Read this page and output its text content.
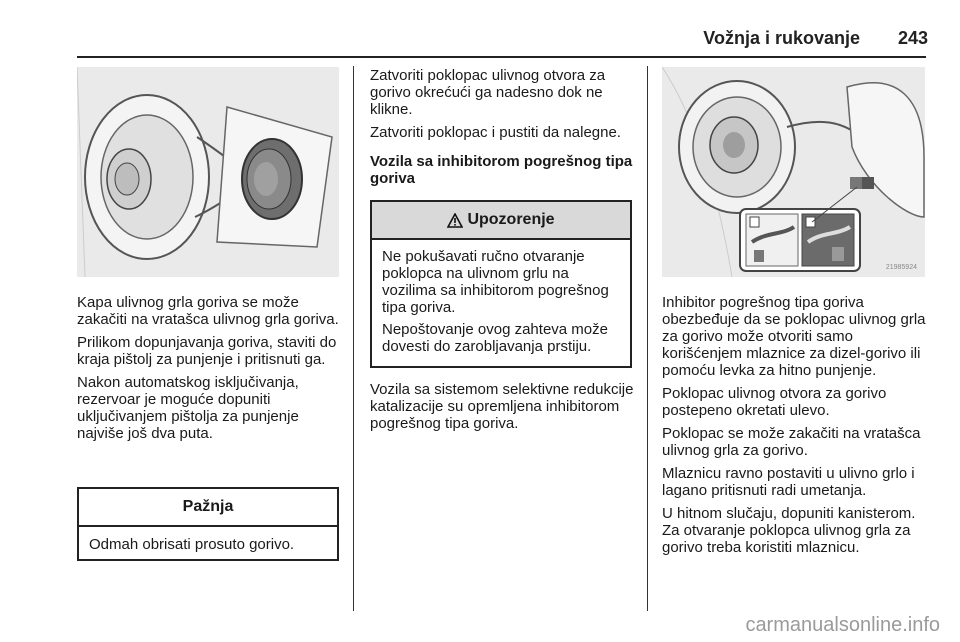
Vožnja i rukovanje	243

Kapa ulivnog grla goriva se može zakačiti na vratašca ulivnog grla goriva.

Prilikom dopunjavanja goriva, staviti do kraja pištolj za punjenje i pritisnuti ga.

Nakon automatskog isključivanja, rezervoar je moguće dopuniti uključivanjem pištolja za punjenje najviše još dva puta.

Pažnja
Odmah obrisati prosuto gorivo.

Zatvoriti poklopac ulivnog otvora za gorivo okrećući ga nadesno dok ne klikne.

Zatvoriti poklopac i pustiti da nalegne.

Vozila sa inhibitorom pogrešnog tipa goriva

Upozorenje

Ne pokušavati ručno otvaranje poklopca na ulivnom grlu na vozilima sa inhibitorom pogrešnog tipa goriva.

Nepoštovanje ovog zahteva može dovesti do zarobljavanja prstiju.

Vozila sa sistemom selektivne redukcije katalizacije su opremljena inhibitorom pogrešnog tipa goriva.

21985924

Inhibitor pogrešnog tipa goriva obezbeđuje da se poklopac ulivnog grla za gorivo može otvoriti samo korišćenjem mlaznice za dizel-gorivo ili pomoću levka za hitno punjenje.

Poklopac ulivnog otvora za gorivo postepeno okretati ulevo.

Poklopac se može zakačiti na vratašca ulivnog grla za gorivo.

Mlaznicu ravno postaviti u ulivno grlo i lagano pritisnuti radi umetanja.

U hitnom slučaju, dopuniti kanisterom. Za otvaranje poklopca ulivnog grla za gorivo treba koristiti mlaznicu.

carmanualsonline.info
